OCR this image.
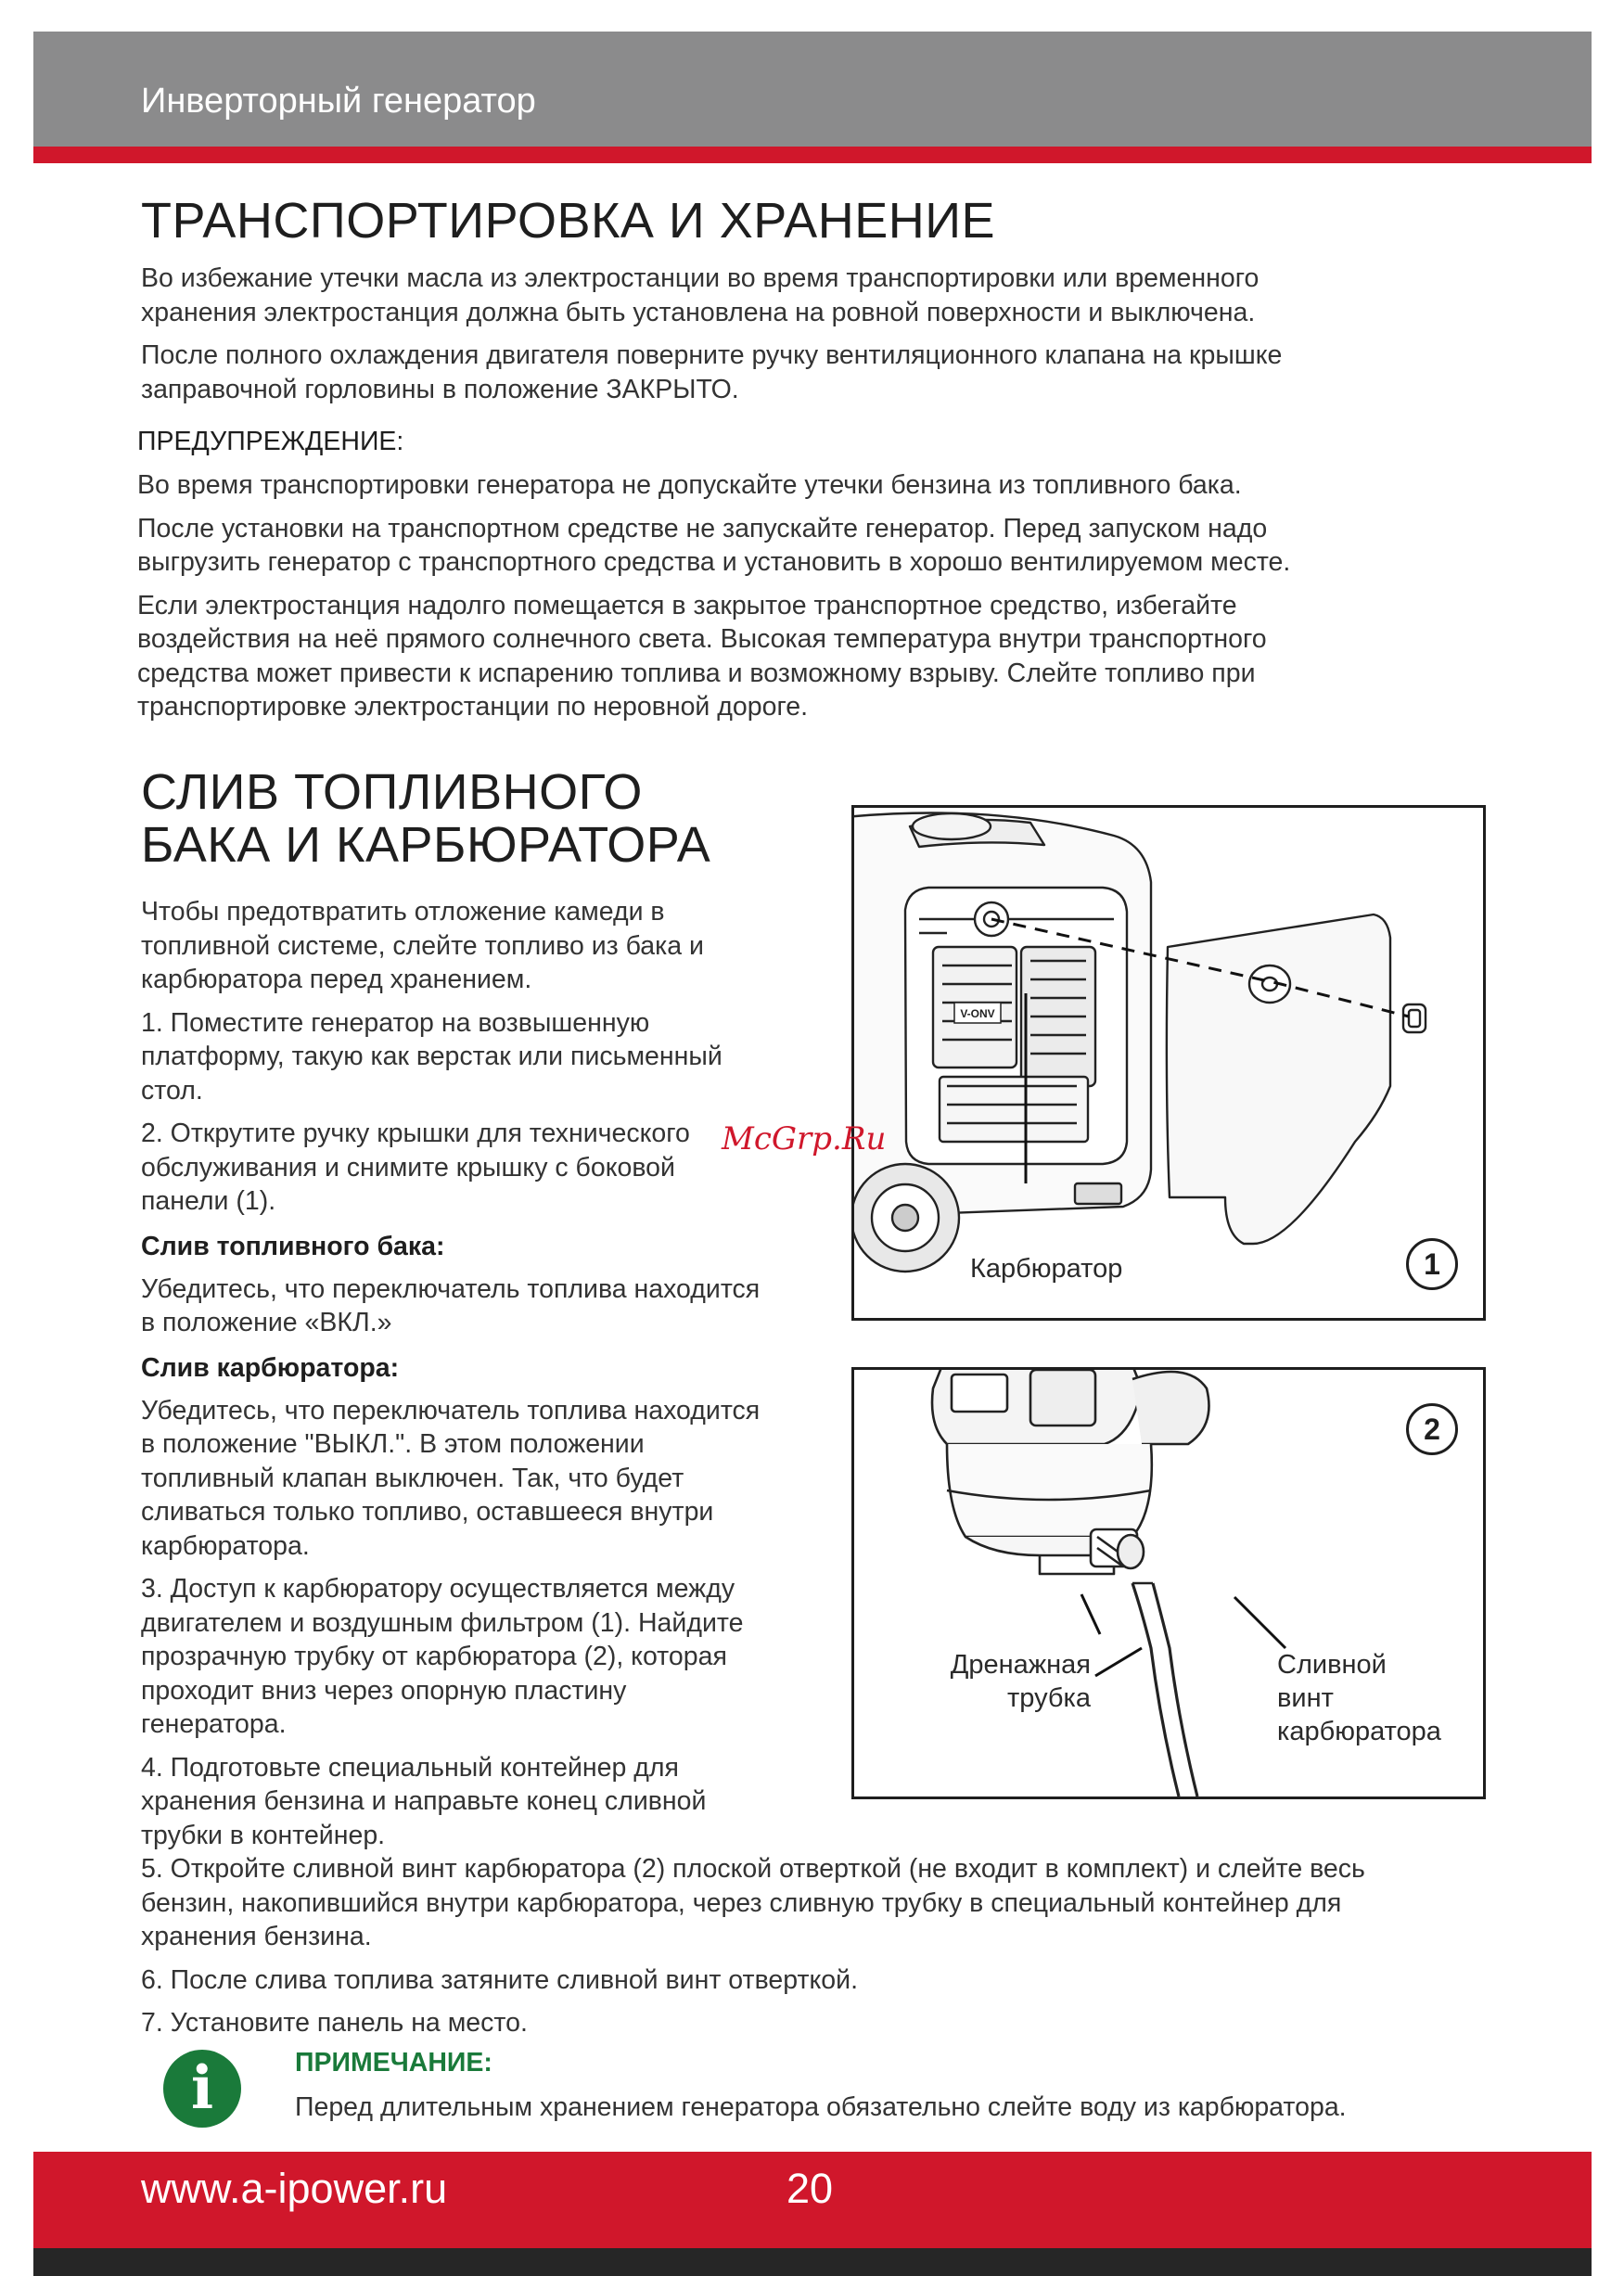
Инверторный генератор
ТРАНСПОРТИРОВКА И ХРАНЕНИЕ

Во избежание утечки масла из электростанции во время транспортировки или временного

хранения электростанция должна быть установлена на ровной поверхности и выключена.

После полного охлаждения двигателя поверните ручку вентиляционного клапана на крышке

заправочной горловины в положение ЗАКРЫТО.

ПРЕДУПРЕЖДЕНИЕ:

Во время транспортировки генератора не допускайте утечки бензина из топливного бака.

После установки на транспортном средстве не запускайте генератор. Перед запуском надо

выгрузить генератор с транспортного средства и установить в хорошо вентилируемом месте.

Если электростанция надолго помещается в закрытое транспортное средство, избегайте

воздействия на неё прямого солнечного света. Высокая температура внутри транспортного

средства может привести к испарению топлива и возможному взрыву. Слейте топливо при

транспортировке электростанции по неровной дороге.

СЛИВ ТОПЛИВНОГО
БАКА И КАРБЮРАТОРА

Чтобы предотвратить отложение камеди в

топливной системе, слейте топливо из бака и

карбюратора перед хранением.

1. Поместите генератор на возвышенную

платформу, такую как верстак или письменный

стол.

2. Открутите ручку крышки для технического

обслуживания и снимите крышку с боковой

панели (1).

Слив топливного бака:

Убедитесь, что переключатель топлива находится

в положение «ВКЛ.»

Слив карбюратора:

Убедитесь, что переключатель топлива находится

в положение "ВЫКЛ.". В этом положении

топливный клапан выключен. Так, что будет

сливаться только топливо, оставшееся внутри

карбюратора.

3. Доступ к карбюратору осуществляется между

двигателем и воздушным фильтром (1). Найдите

прозрачную трубку от карбюратора (2), которая

проходит вниз через опорную пластину

генератора.

4. Подготовьте специальный контейнер для

хранения бензина и направьте конец сливной

трубки в контейнер.

V-ONV
Карбюратор	1
McGrp.Ru
2
Дренажная
трубка
Сливной
винт
карбюратора

5. Откройте сливной винт карбюратора (2) плоской отверткой (не входит в комплект) и слейте весь

бензин, накопившийся внутри карбюратора, через сливную трубку в специальный контейнер для

хранения бензина.

6. После слива топлива затяните сливной винт отверткой.

7. Установите панель на место.

i	ПРИМЕЧАНИЕ:
Перед длительным хранением генератора обязательно слейте воду из карбюратора.
www.a-ipower.ru	20
